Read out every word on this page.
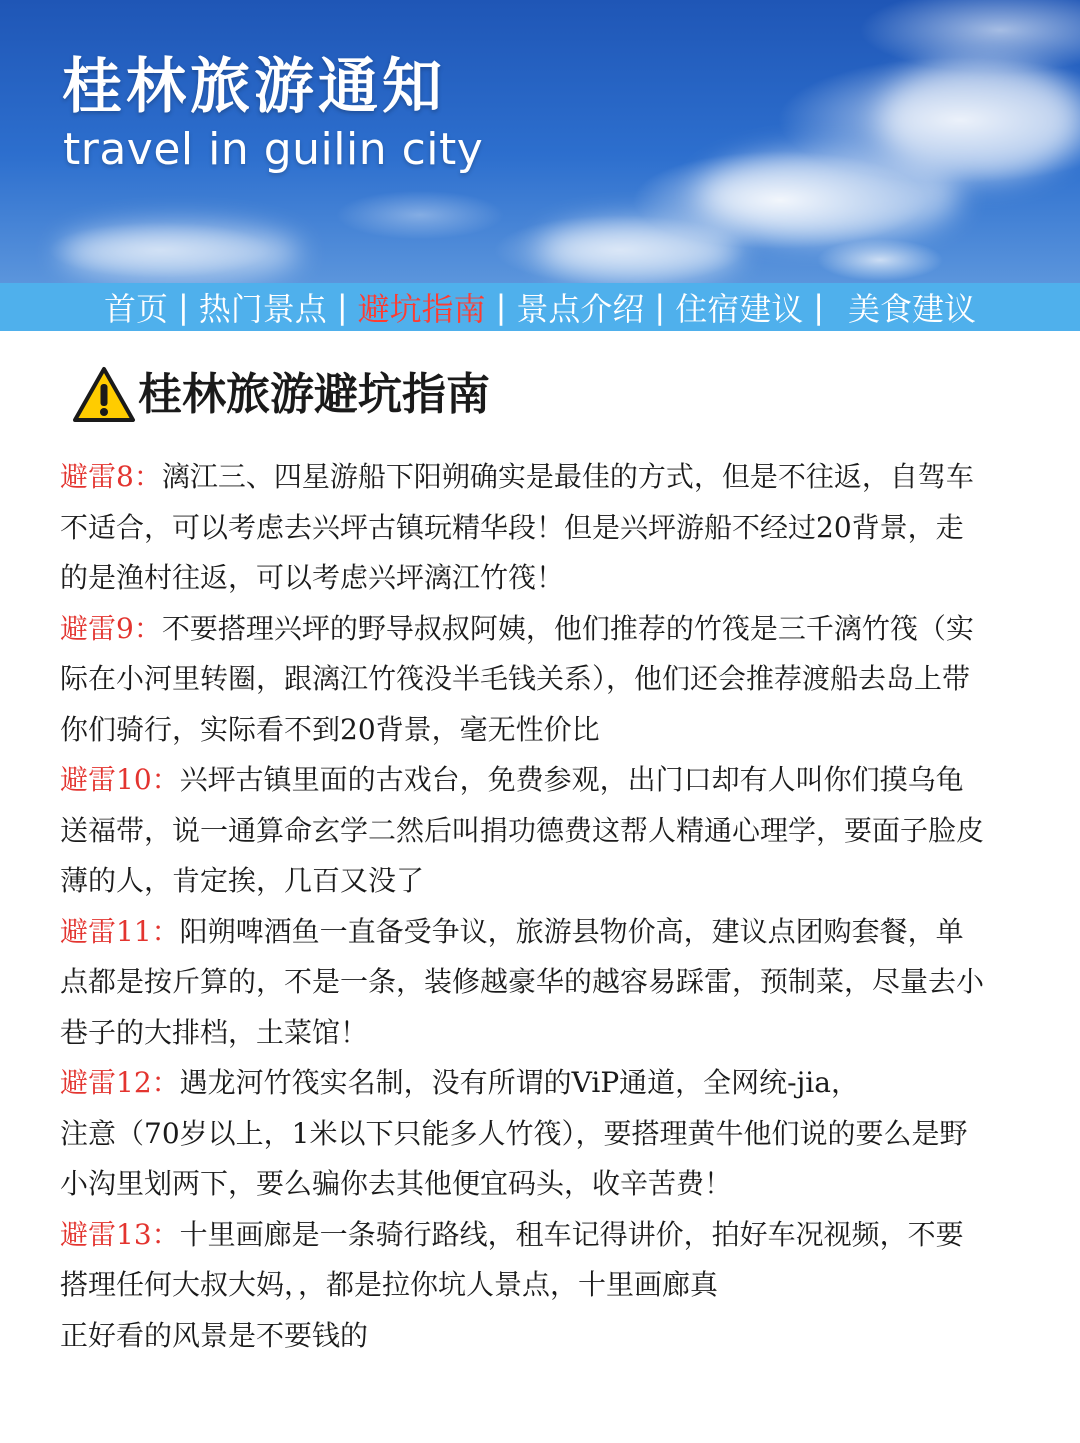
桂林旅游通知
travel in guilin city
首页 | 热门景点 | 避坑指南 | 景点介绍 | 住宿建议 | 美食建议
桂林旅游避坑指南

避雷8：漓江三、四星游船下阳朔确实是最佳的方式，但是不往返，自驾车
不适合，可以考虑去兴坪古镇玩精华段！但是兴坪游船不经过20背景，走
的是渔村往返，可以考虑兴坪漓江竹筏！

避雷9：不要搭理兴坪的野导叔叔阿姨，他们推荐的竹筏是三千漓竹筏（实
际在小河里转圈，跟漓江竹筏没半毛钱关系），他们还会推荐渡船去岛上带
你们骑行，实际看不到20背景，毫无性价比

避雷10：兴坪古镇里面的古戏台，免费参观，出门口却有人叫你们摸乌龟
送福带，说一通算命玄学二然后叫捐功德费这帮人精通心理学，要面子脸皮
薄的人，肯定挨，几百又没了

避雷11：阳朔啤酒鱼一直备受争议，旅游县物价高，建议点团购套餐，单
点都是按斤算的，不是一条，装修越豪华的越容易踩雷，预制菜，尽量去小
巷子的大排档，土菜馆！

避雷12：遇龙河竹筏实名制，没有所谓的ViP通道，全网统-jia，
注意（70岁以上，1米以下只能多人竹筏），要搭理黄牛他们说的要么是野
小沟里划两下，要么骗你去其他便宜码头，收辛苦费！

避雷13：十里画廊是一条骑行路线，租车记得讲价，拍好车况视频，不要
搭理任何大叔大妈，，都是拉你坑人景点，十里画廊真
正好看的风景是不要钱的
